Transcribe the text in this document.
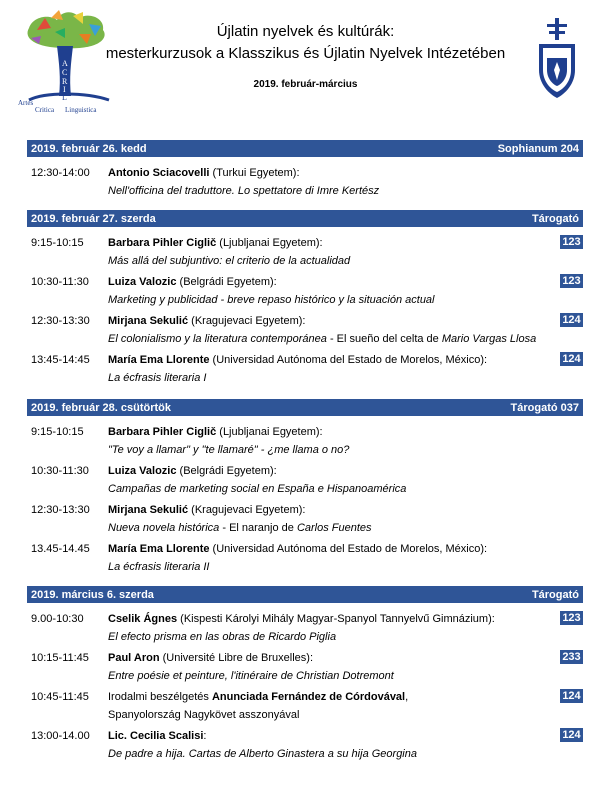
A
C
R
I
L
Artes
Critica Linguistica
Újlatin nyelvek és kultúrák:
mesterkurzusok a Klasszikus és Újlatin Nyelvek Intézetében
2019. február-március
2019. február 26. kedd	Sophianum 204
12:30-14:00 Antonio Sciacovelli (Turkui Egyetem):
Nell'officina del traduttore. Lo spettatore di Imre Kertész
2019. február 27. szerda	Tárogató
9:15-10:15 Barbara Pihler Ciglič (Ljubljanai Egyetem):
Más allá del subjuntivo: el criterio de la actualidad
123
10:30-11:30 Luiza Valozic (Belgrádi Egyetem):
Marketing y publicidad - breve repaso histórico y la situación actual
123
12:30-13:30 Mirjana Sekulić (Kragujevaci Egyetem):
El colonialismo y la literatura contemporánea - El sueño del celta de Mario Vargas Llosa
124
13:45-14:45 María Ema Llorente (Universidad Autónoma del Estado de Morelos, México):
La écfrasis literaria I
124
2019. február 28. csütörtök	Tárogató 037
9:15-10:15 Barbara Pihler Ciglič (Ljubljanai Egyetem):
"Te voy a llamar" y "te llamaré" - ¿me llama o no?
10:30-11:30 Luiza Valozic (Belgrádi Egyetem):
Campañas de marketing social en España e Hispanoamérica
12:30-13:30 Mirjana Sekulić (Kragujevaci Egyetem):
Nueva novela histórica - El naranjo de Carlos Fuentes
13.45-14.45 María Ema Llorente (Universidad Autónoma del Estado de Morelos, México):
La écfrasis literaria II
2019. március 6. szerda	Tárogató
9.00-10:30 Cselik Ágnes (Kispesti Károlyi Mihály Magyar-Spanyol Tannyelvű Gimnázium):
El efecto prisma en las obras de Ricardo Piglia
123
10:15-11:45 Paul Aron (Université Libre de Bruxelles):
Entre poésie et peinture, l'itinéraire de Christian Dotremont
233
10:45-11:45 Irodalmi beszélgetés Anunciada Fernández de Córdovával,
Spanyolország Nagykövet asszonyával
124
13:00-14.00 Lic. Cecilia Scalisi:
De padre a hija. Cartas de Alberto Ginastera a su hija Georgina
124
